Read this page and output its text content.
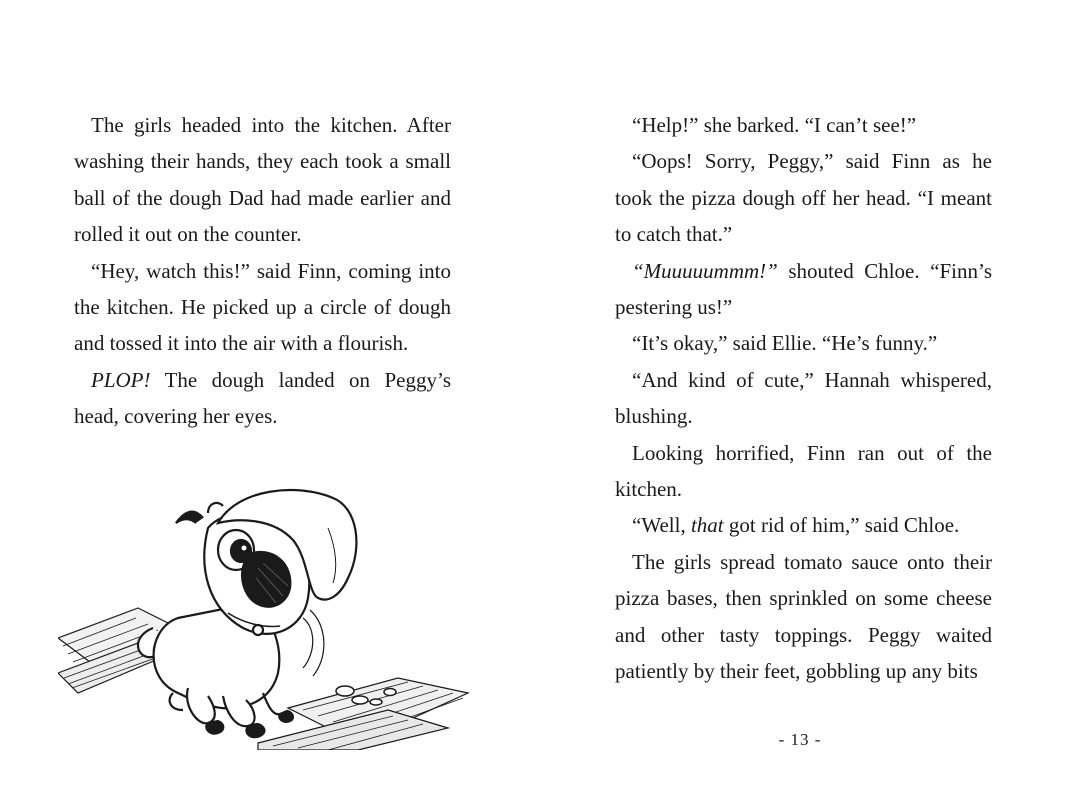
The girls headed into the kitchen. After washing their hands, they each took a small ball of the dough Dad had made earlier and rolled it out on the counter.

“Hey, watch this!” said Finn, coming into the kitchen. He picked up a circle of dough and tossed it into the air with a flourish.

PLOP! The dough landed on Peggy’s head, covering her eyes.

“Help!” she barked. “I can’t see!”

“Oops! Sorry, Peggy,” said Finn as he took the pizza dough off her head. “I meant to catch that.”

“Muuuuummm!” shouted Chloe. “Finn’s pestering us!”

“It’s okay,” said Ellie. “He’s funny.”

“And kind of cute,” Hannah whispered, blushing.

Looking horrified, Finn ran out of the kitchen.

“Well, that got rid of him,” said Chloe.

The girls spread tomato sauce onto their pizza bases, then sprinkled on some cheese and other tasty toppings. Peggy waited patiently by their feet, gobbling up any bits

- 13 -
